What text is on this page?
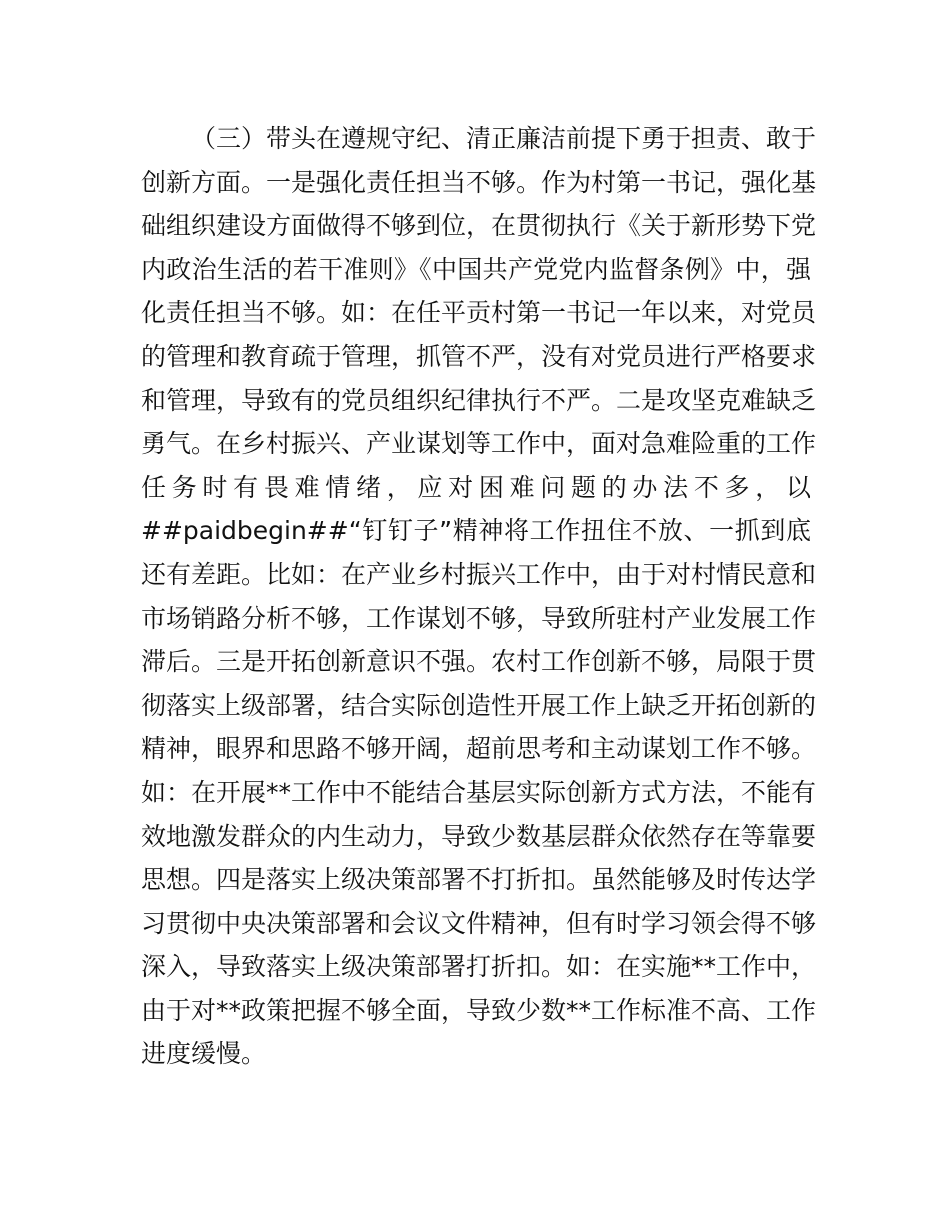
（三）带头在遵规守纪、清正廉洁前提下勇于担责、敢于
创新方面。一是强化责任担当不够。作为村第一书记，强化基
础组织建设方面做得不够到位，在贯彻执行《关于新形势下党
内政治生活的若干准则》《中国共产党党内监督条例》中，强
化责任担当不够。如：在任平贡村第一书记一年以来，对党员
的管理和教育疏于管理，抓管不严，没有对党员进行严格要求
和管理，导致有的党员组织纪律执行不严。二是攻坚克难缺乏
勇气。在乡村振兴、产业谋划等工作中，面对急难险重的工作
任务时有畏难情绪，应对困难问题的办法不多，以
##paidbegin##“钉钉子”精神将工作扭住不放、一抓到底
还有差距。比如：在产业乡村振兴工作中，由于对村情民意和
市场销路分析不够，工作谋划不够，导致所驻村产业发展工作
滞后。三是开拓创新意识不强。农村工作创新不够，局限于贯
彻落实上级部署，结合实际创造性开展工作上缺乏开拓创新的
精神，眼界和思路不够开阔，超前思考和主动谋划工作不够。
如：在开展**工作中不能结合基层实际创新方式方法，不能有
效地激发群众的内生动力，导致少数基层群众依然存在等靠要
思想。四是落实上级决策部署不打折扣。虽然能够及时传达学
习贯彻中央决策部署和会议文件精神，但有时学习领会得不够
深入，导致落实上级决策部署打折扣。如：在实施**工作中，
由于对**政策把握不够全面，导致少数**工作标准不高、工作
进度缓慢。
